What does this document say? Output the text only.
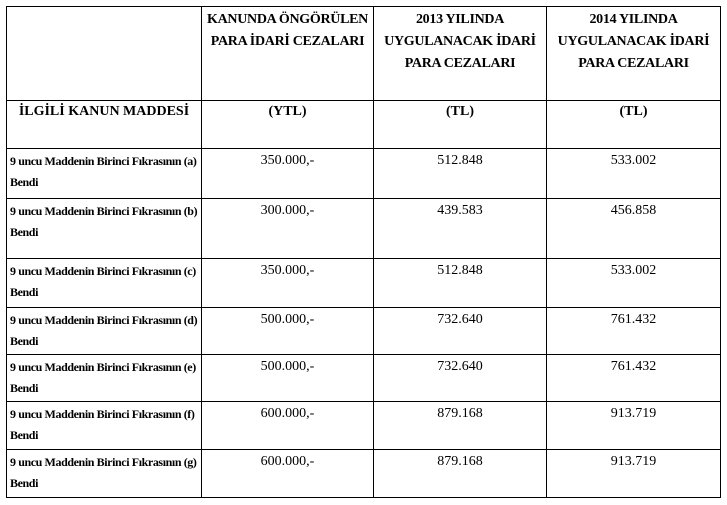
	KANUNDA ÖNGÖRÜLEN PARA İDARİ CEZALARI	2013 YILINDA UYGULANACAK İDARİ PARA CEZALARI	2014 YILINDA UYGULANACAK İDARİ PARA CEZALARI
İLGİLİ KANUN MADDESİ	(YTL)	(TL)	(TL)
9 uncu Maddenin Birinci Fıkrasının (a) Bendi	350.000,-	512.848	533.002
9 uncu Maddenin Birinci Fıkrasının (b) Bendi	300.000,-	439.583	456.858
9 uncu Maddenin Birinci Fıkrasının (c) Bendi	350.000,-	512.848	533.002
9 uncu Maddenin Birinci Fıkrasının (d) Bendi	500.000,-	732.640	761.432
9 uncu Maddenin Birinci Fıkrasının (e) Bendi	500.000,-	732.640	761.432
9 uncu Maddenin Birinci Fıkrasının (f) Bendi	600.000,-	879.168	913.719
9 uncu Maddenin Birinci Fıkrasının (g) Bendi	600.000,-	879.168	913.719
